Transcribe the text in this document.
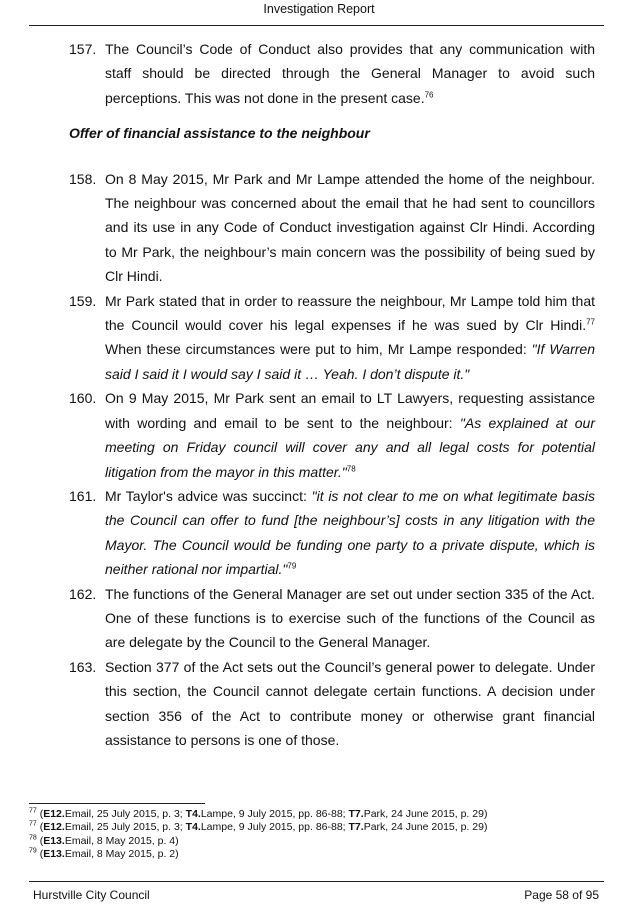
Investigation Report
157. The Council’s Code of Conduct also provides that any communication with staff should be directed through the General Manager to avoid such perceptions. This was not done in the present case.$^{76}$
Offer of financial assistance to the neighbour
158. On 8 May 2015, Mr Park and Mr Lampe attended the home of the neighbour. The neighbour was concerned about the email that he had sent to councillors and its use in any Code of Conduct investigation against Clr Hindi. According to Mr Park, the neighbour’s main concern was the possibility of being sued by Clr Hindi.
159. Mr Park stated that in order to reassure the neighbour, Mr Lampe told him that the Council would cover his legal expenses if he was sued by Clr Hindi.$^{77}$ When these circumstances were put to him, Mr Lampe responded: "If Warren said I said it I would say I said it … Yeah. I don’t dispute it."
160. On 9 May 2015, Mr Park sent an email to LT Lawyers, requesting assistance with wording and email to be sent to the neighbour: "As explained at our meeting on Friday council will cover any and all legal costs for potential litigation from the mayor in this matter."$^{78}$
161. Mr Taylor's advice was succinct: "it is not clear to me on what legitimate basis the Council can offer to fund [the neighbour’s] costs in any litigation with the Mayor. The Council would be funding one party to a private dispute, which is neither rational nor impartial."$^{79}$
162. The functions of the General Manager are set out under section 335 of the Act. One of these functions is to exercise such of the functions of the Council as are delegate by the Council to the General Manager.
163. Section 377 of the Act sets out the Council’s general power to delegate. Under this section, the Council cannot delegate certain functions. A decision under section 356 of the Act to contribute money or otherwise grant financial assistance to persons is one of those.
$^{77}$ (E12.Email, 25 July 2015, p. 3; T4.Lampe, 9 July 2015, pp. 86-88; T7.Park, 24 June 2015, p. 29)
$^{77}$ (E12.Email, 25 July 2015, p. 3; T4.Lampe, 9 July 2015, pp. 86-88; T7.Park, 24 June 2015, p. 29)
$^{78}$ (E13.Email, 8 May 2015, p. 4)
$^{79}$ (E13.Email, 8 May 2015, p. 2)
Hurstville City Council	Page 58 of 95
